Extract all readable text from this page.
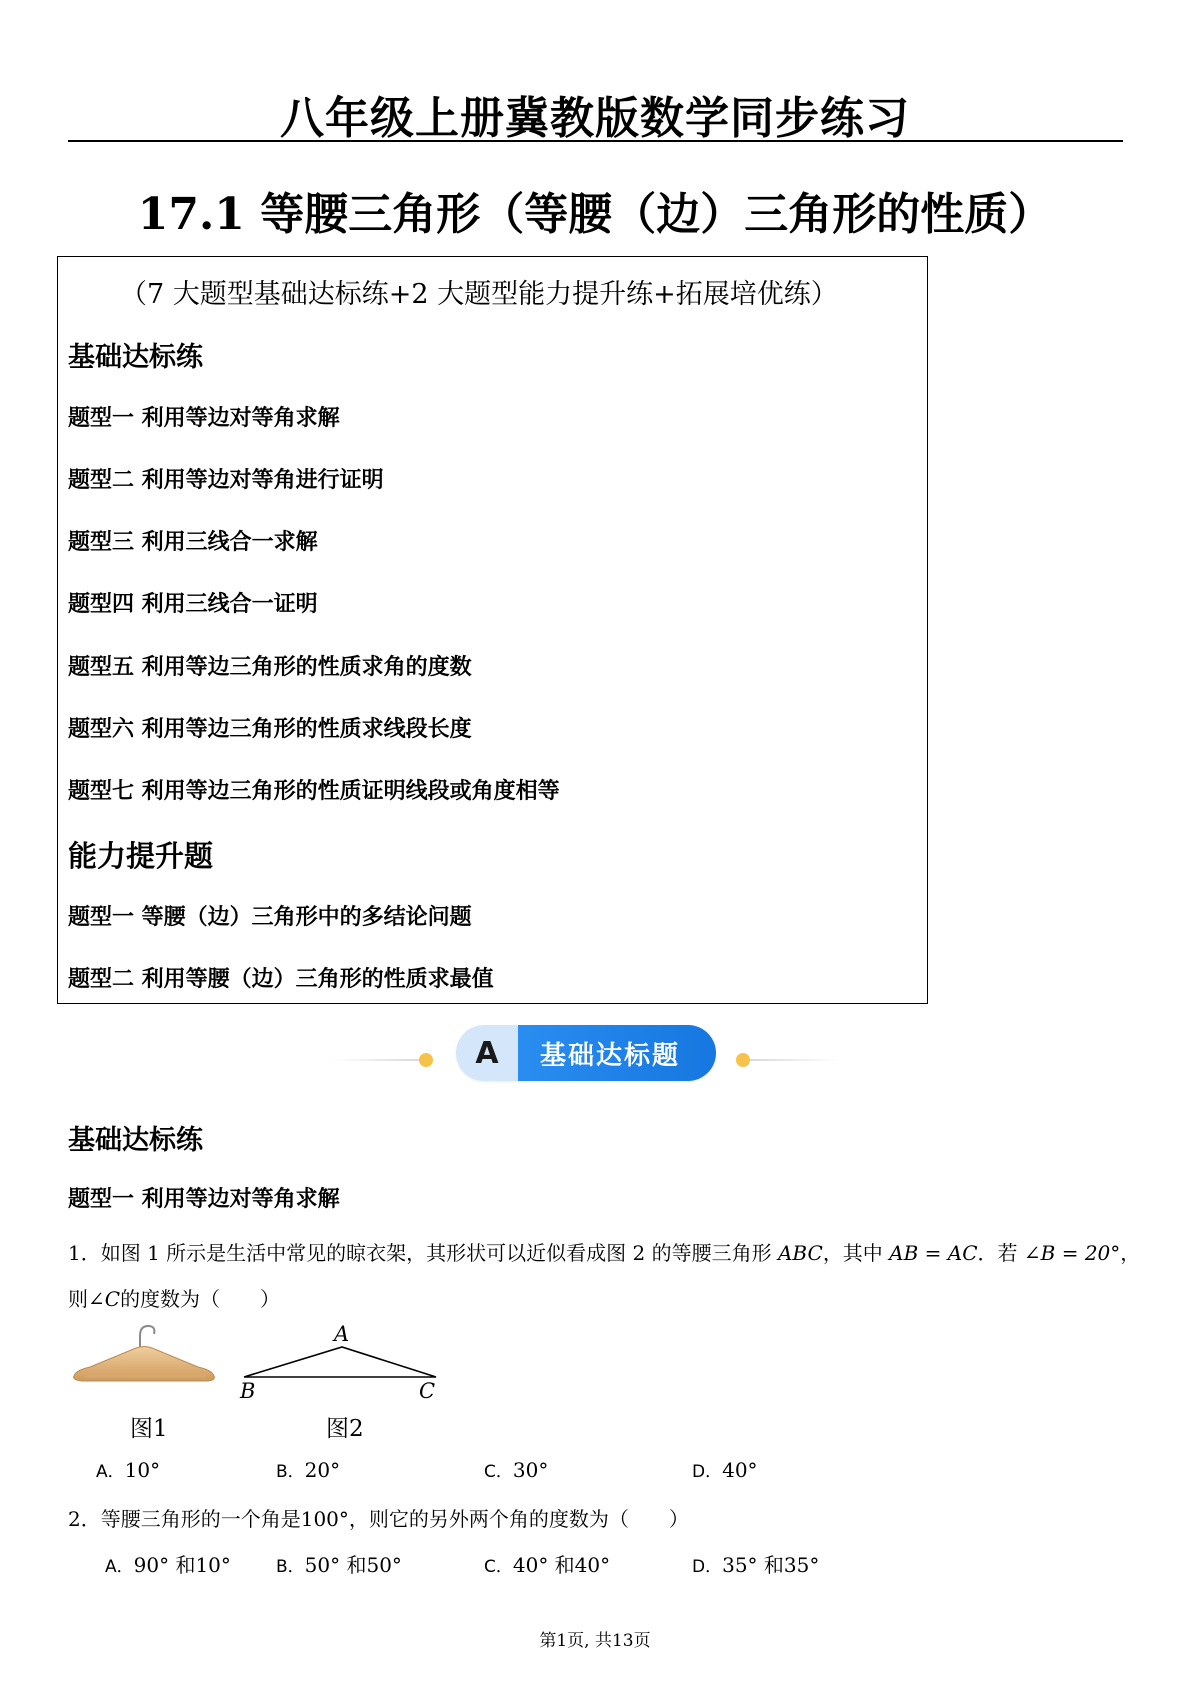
八年级上册冀教版数学同步练习
17.1 等腰三角形（等腰（边）三角形的性质）
（7 大题型基础达标练+2 大题型能力提升练+拓展培优练）
基础达标练
题型一 利用等边对等角求解
题型二 利用等边对等角进行证明
题型三 利用三线合一求解
题型四 利用三线合一证明
题型五 利用等边三角形的性质求角的度数
题型六 利用等边三角形的性质求线段长度
题型七 利用等边三角形的性质证明线段或角度相等
能力提升题
题型一 等腰（边）三角形中的多结论问题
题型二 利用等腰（边）三角形的性质求最值
A	基础达标题
基础达标练
题型一 利用等边对等角求解
1．如图 1 所示是生活中常见的晾衣架，其形状可以近似看成图 2 的等腰三角形 ABC，其中 AB = AC．若 ∠B = 20°，
则∠C的度数为（　　）
图1
A
B	C
图2
A．10°	B．20°	C．30°	D．40°
2．等腰三角形的一个角是100°，则它的另外两个角的度数为（　　）
A．90° 和10°	B．50° 和50°	C．40° 和40°	D．35° 和35°
第1页, 共13页
